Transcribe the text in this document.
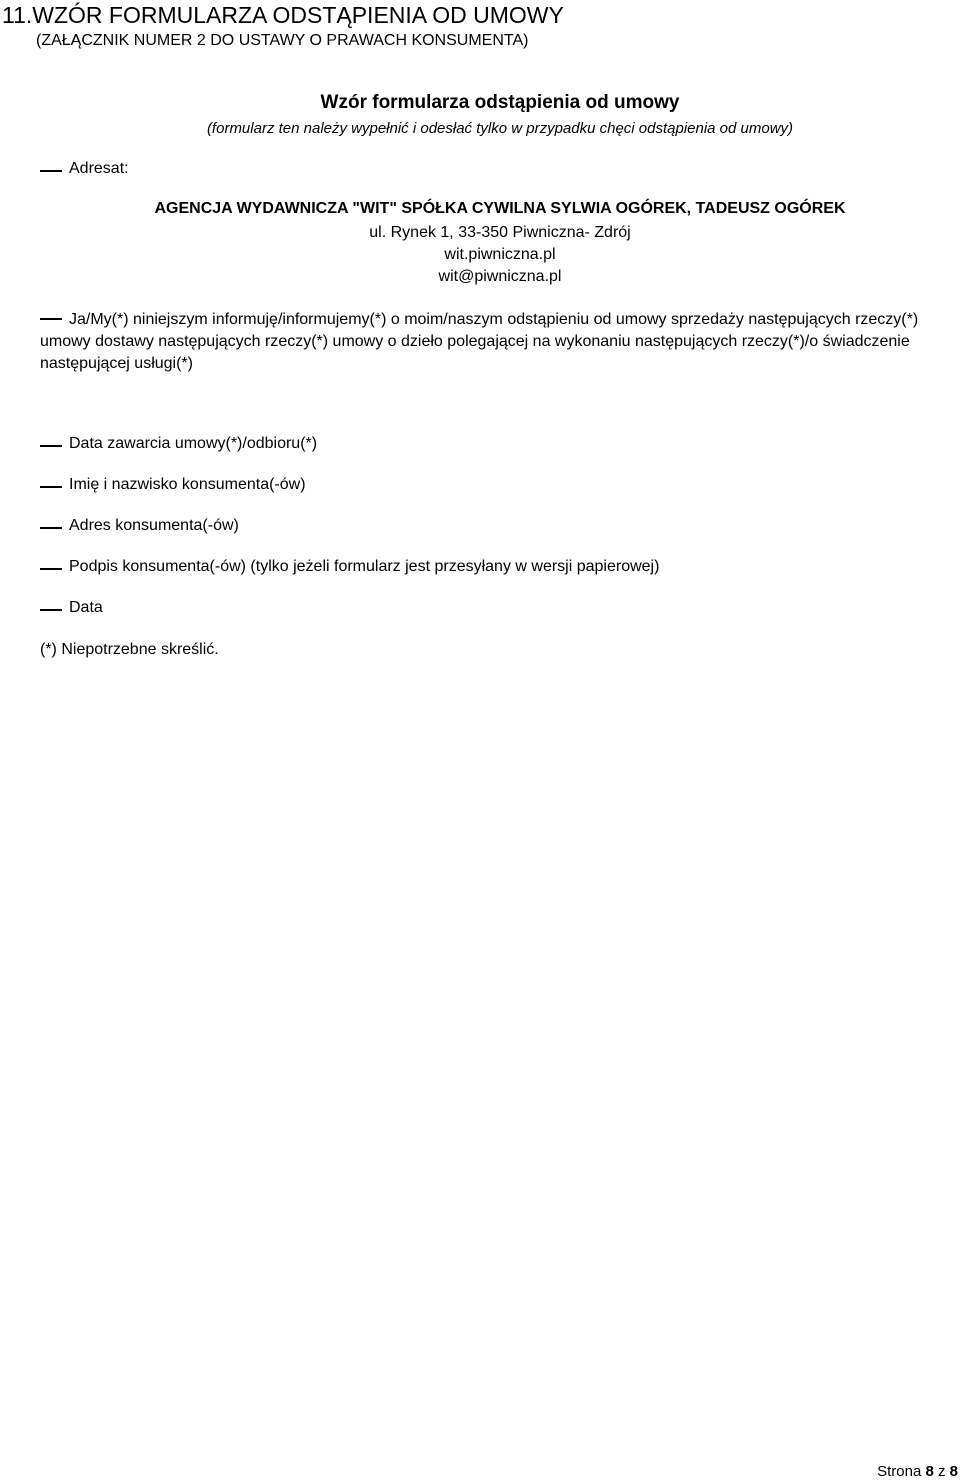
11.WZÓR FORMULARZA ODSTĄPIENIA OD UMOWY
(ZAŁĄCZNIK NUMER 2 DO USTAWY O PRAWACH KONSUMENTA)
Wzór formularza odstąpienia od umowy
(formularz ten należy wypełnić i odesłać tylko w przypadku chęci odstąpienia od umowy)
Adresat:
AGENCJA WYDAWNICZA "WIT" SPÓŁKA CYWILNA SYLWIA OGÓREK, TADEUSZ OGÓREK
ul. Rynek 1, 33-350 Piwniczna- Zdrój
wit.piwniczna.pl
wit@piwniczna.pl
Ja/My(*) niniejszym informuję/informujemy(*) o moim/naszym odstąpieniu od umowy sprzedaży następujących rzeczy(*) umowy dostawy następujących rzeczy(*) umowy o dzieło polegającej na wykonaniu następujących rzeczy(*)/o świadczenie następującej usługi(*)
Data zawarcia umowy(*)/odbioru(*)
Imię i nazwisko konsumenta(-ów)
Adres konsumenta(-ów)
Podpis konsumenta(-ów) (tylko jeżeli formularz jest przesyłany w wersji papierowej)
Data
(*) Niepotrzebne skreślić.
Strona 8 z 8
